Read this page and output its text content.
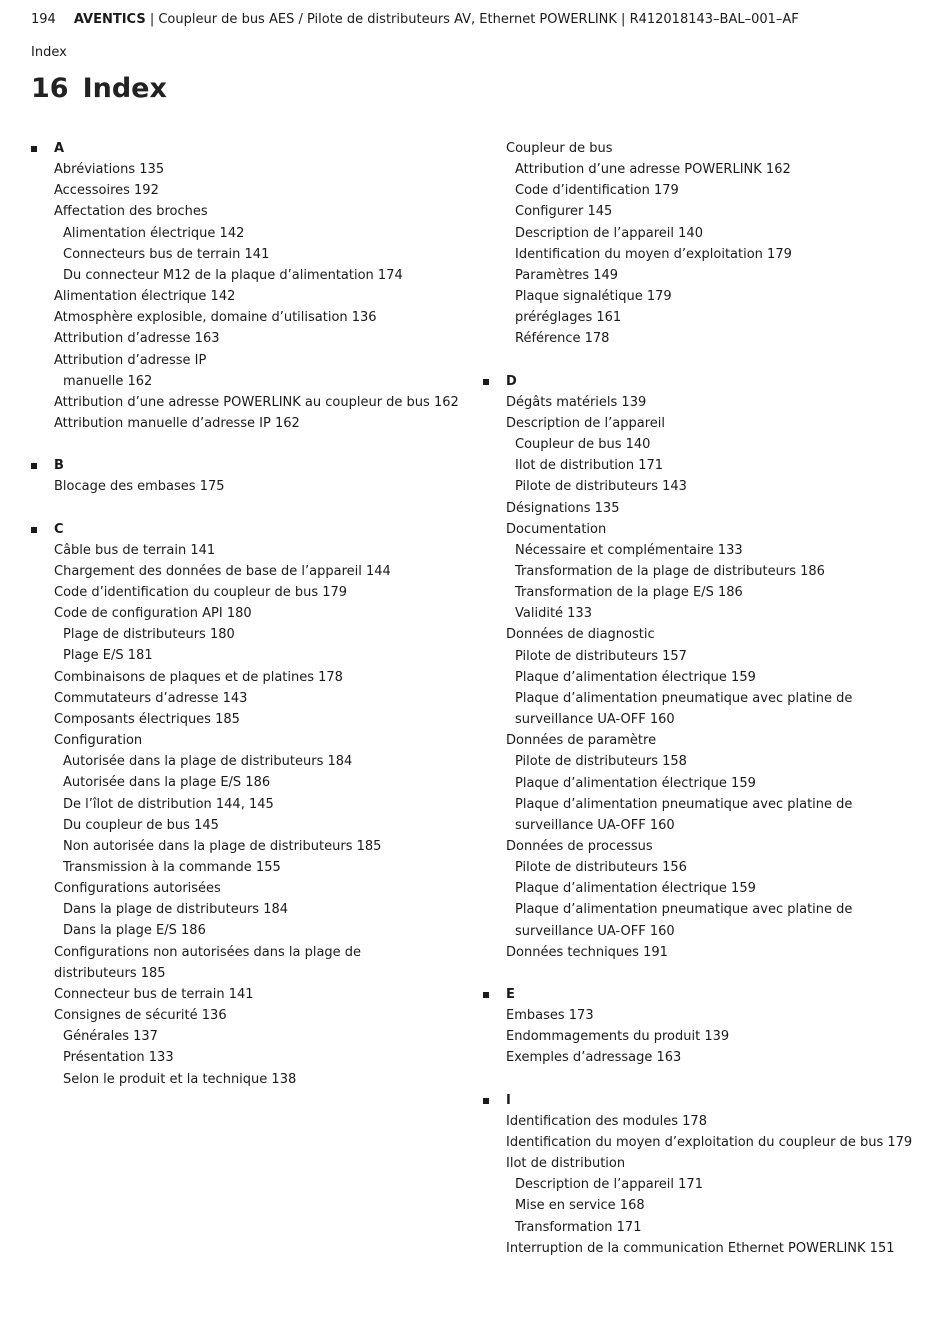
194 AVENTICS | Coupleur de bus AES / Pilote de distributeurs AV, Ethernet POWERLINK | R412018143–BAL–001–AF
Index
16 Index
A
Abréviations 135
Accessoires 192
Affectation des broches
Alimentation électrique 142
Connecteurs bus de terrain 141
Du connecteur M12 de la plaque d’alimentation 174
Alimentation électrique 142
Atmosphère explosible, domaine d’utilisation 136
Attribution d’adresse 163
Attribution d’adresse IP
manuelle 162
Attribution d’une adresse POWERLINK au coupleur de bus 162
Attribution manuelle d’adresse IP 162
B
Blocage des embases 175
C
Câble bus de terrain 141
Chargement des données de base de l’appareil 144
Code d’identification du coupleur de bus 179
Code de configuration API 180
Plage de distributeurs 180
Plage E/S 181
Combinaisons de plaques et de platines 178
Commutateurs d’adresse 143
Composants électriques 185
Configuration
Autorisée dans la plage de distributeurs 184
Autorisée dans la plage E/S 186
De l’îlot de distribution 144, 145
Du coupleur de bus 145
Non autorisée dans la plage de distributeurs 185
Transmission à la commande 155
Configurations autorisées
Dans la plage de distributeurs 184
Dans la plage E/S 186
Configurations non autorisées dans la plage de
distributeurs 185
Connecteur bus de terrain 141
Consignes de sécurité 136
Générales 137
Présentation 133
Selon le produit et la technique 138
Coupleur de bus
Attribution d’une adresse POWERLINK 162
Code d’identification 179
Configurer 145
Description de l’appareil 140
Identification du moyen d’exploitation 179
Paramètres 149
Plaque signalétique 179
préréglages 161
Référence 178
D
Dégâts matériels 139
Description de l’appareil
Coupleur de bus 140
Ilot de distribution 171
Pilote de distributeurs 143
Désignations 135
Documentation
Nécessaire et complémentaire 133
Transformation de la plage de distributeurs 186
Transformation de la plage E/S 186
Validité 133
Données de diagnostic
Pilote de distributeurs 157
Plaque d’alimentation électrique 159
Plaque d’alimentation pneumatique avec platine de
surveillance UA-OFF 160
Données de paramètre
Pilote de distributeurs 158
Plaque d’alimentation électrique 159
Plaque d’alimentation pneumatique avec platine de
surveillance UA-OFF 160
Données de processus
Pilote de distributeurs 156
Plaque d’alimentation électrique 159
Plaque d’alimentation pneumatique avec platine de
surveillance UA-OFF 160
Données techniques 191
E
Embases 173
Endommagements du produit 139
Exemples d’adressage 163
I
Identification des modules 178
Identification du moyen d’exploitation du coupleur de bus 179
Ilot de distribution
Description de l’appareil 171
Mise en service 168
Transformation 171
Interruption de la communication Ethernet POWERLINK 151
